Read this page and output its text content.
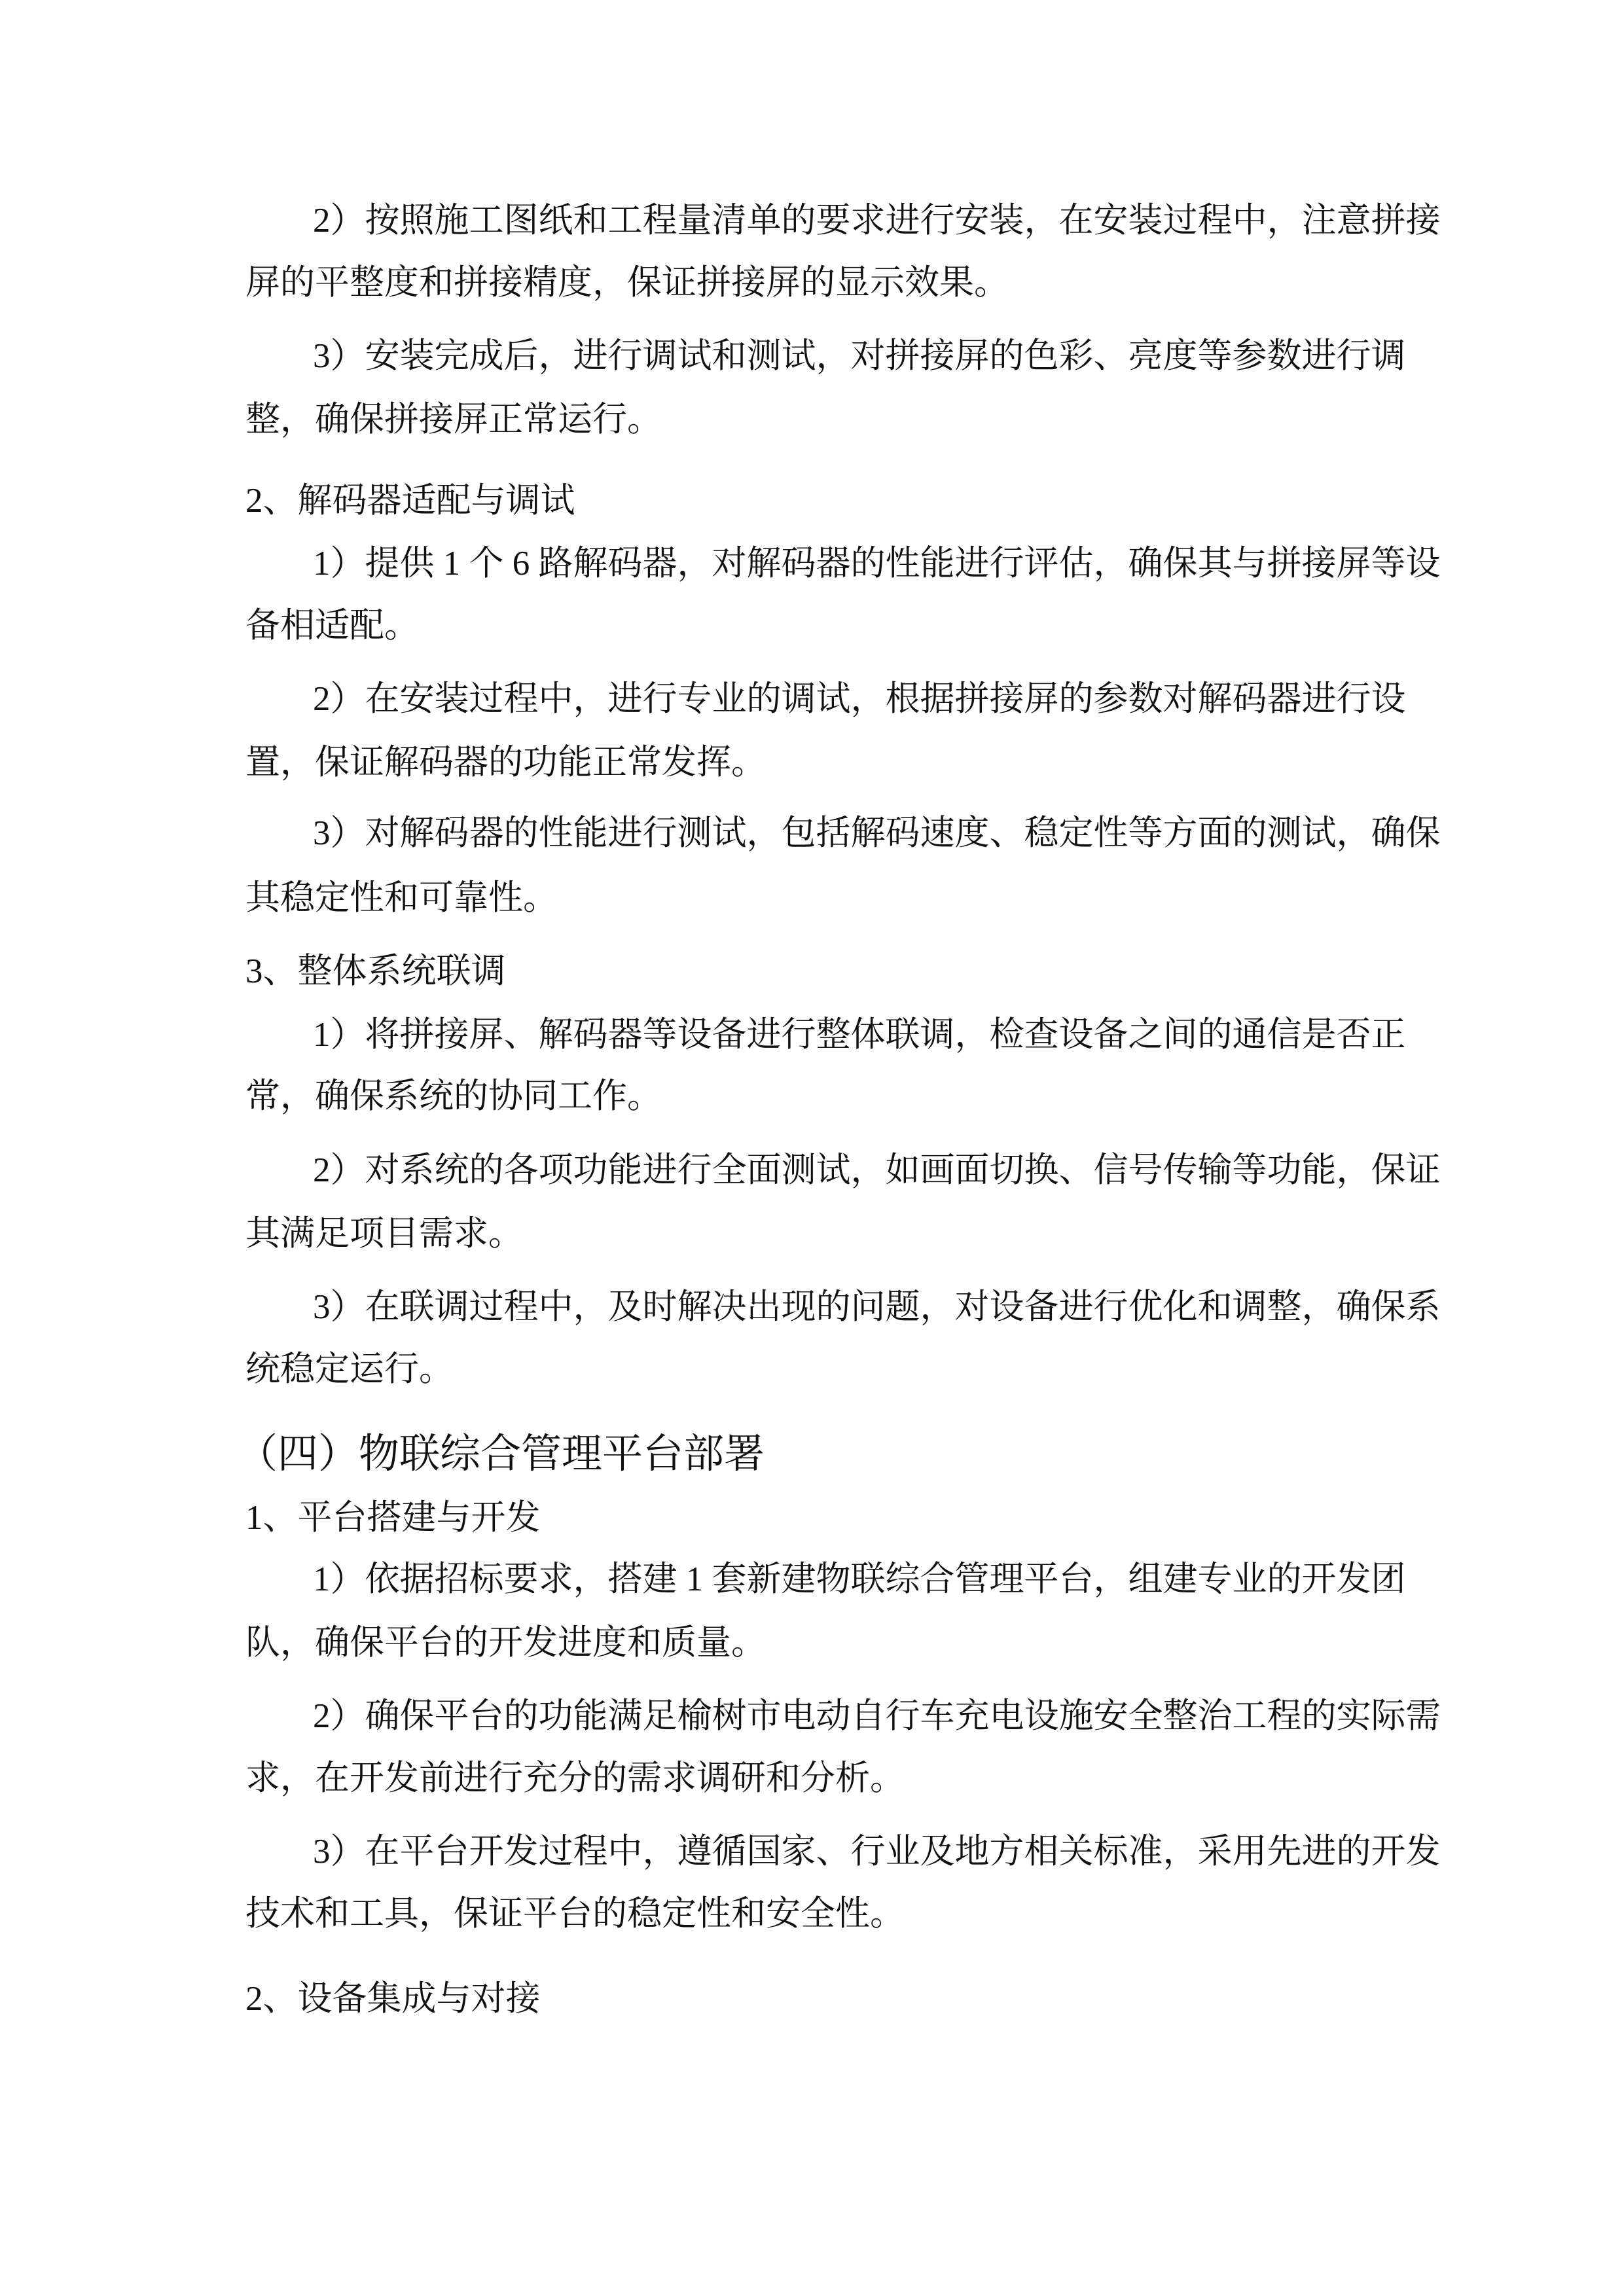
2）按照施工图纸和工程量清单的要求进行安装，在安装过程中，注意拼接
屏的平整度和拼接精度，保证拼接屏的显示效果。
3）安装完成后，进行调试和测试，对拼接屏的色彩、亮度等参数进行调
整，确保拼接屏正常运行。
2、解码器适配与调试
1）提供 1 个 6 路解码器，对解码器的性能进行评估，确保其与拼接屏等设
备相适配。
2）在安装过程中，进行专业的调试，根据拼接屏的参数对解码器进行设
置，保证解码器的功能正常发挥。
3）对解码器的性能进行测试，包括解码速度、稳定性等方面的测试，确保
其稳定性和可靠性。
3、整体系统联调
1）将拼接屏、解码器等设备进行整体联调，检查设备之间的通信是否正
常，确保系统的协同工作。
2）对系统的各项功能进行全面测试，如画面切换、信号传输等功能，保证
其满足项目需求。
3）在联调过程中，及时解决出现的问题，对设备进行优化和调整，确保系
统稳定运行。
（四）物联综合管理平台部署
1、平台搭建与开发
1）依据招标要求，搭建 1 套新建物联综合管理平台，组建专业的开发团
队，确保平台的开发进度和质量。
2）确保平台的功能满足榆树市电动自行车充电设施安全整治工程的实际需
求，在开发前进行充分的需求调研和分析。
3）在平台开发过程中，遵循国家、行业及地方相关标准，采用先进的开发
技术和工具，保证平台的稳定性和安全性。
2、设备集成与对接
